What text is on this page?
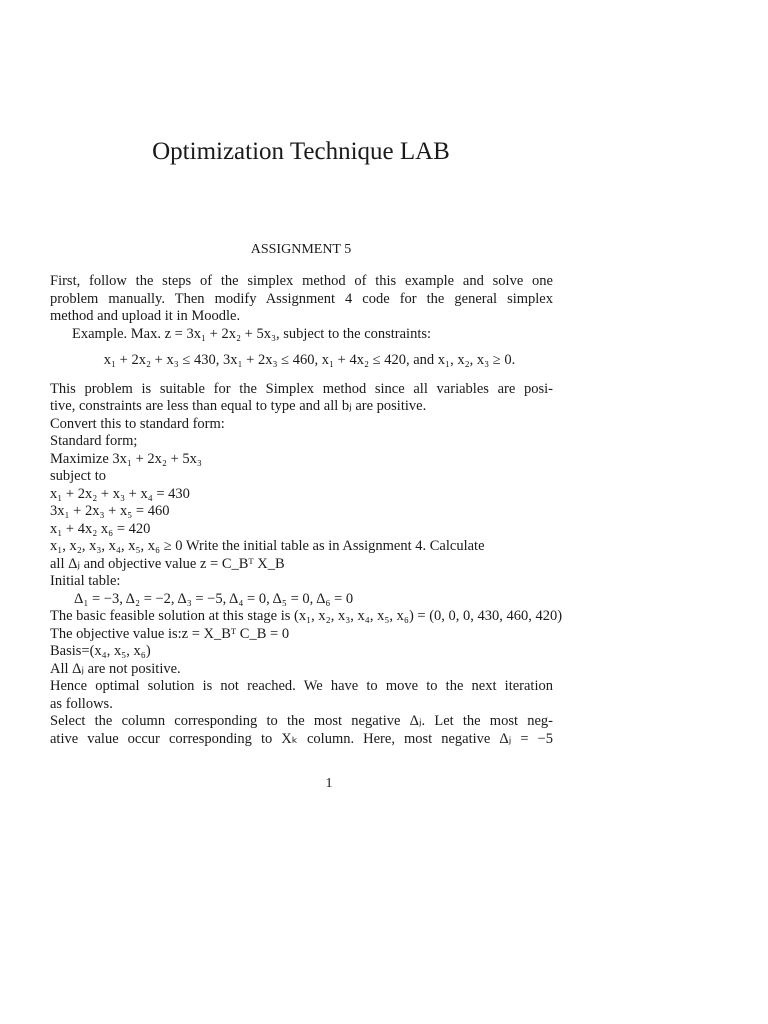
Optimization Technique LAB
ASSIGNMENT 5
First, follow the steps of the simplex method of this example and solve one
problem manually. Then modify Assignment 4 code for the general simplex
method and upload it in Moodle.
Example. Max. z = 3x₁ + 2x₂ + 5x₃, subject to the constraints:
x₁ + 2x₂ + x₃ ≤ 430, 3x₁ + 2x₃ ≤ 460, x₁ + 4x₂ ≤ 420, and x₁, x₂, x₃ ≥ 0.
This problem is suitable for the Simplex method since all variables are posi-
tive, constraints are less than equal to type and all bⱼ are positive.
Convert this to standard form:
Standard form;
Maximize 3x₁ + 2x₂ + 5x₃
subject to
x₁ + 2x₂ + x₃ + x₄ = 430
3x₁ + 2x₃ + x₅ = 460
x₁ + 4x₂ x₆ = 420
x₁, x₂, x₃, x₄, x₅, x₆ ≥ 0 Write the initial table as in Assignment 4. Calculate
all Δⱼ and objective value z = C_Bᵀ X_B
Initial table:
Δ₁ = −3, Δ₂ = −2, Δ₃ = −5, Δ₄ = 0, Δ₅ = 0, Δ₆ = 0
The basic feasible solution at this stage is (x₁, x₂, x₃, x₄, x₅, x₆) = (0, 0, 0, 430, 460, 420)
The objective value is:z = X_Bᵀ C_B = 0
Basis=(x₄, x₅, x₆)
All Δⱼ are not positive.
Hence optimal solution is not reached. We have to move to the next iteration
as follows.
Select the column corresponding to the most negative Δⱼ. Let the most neg-
ative value occur corresponding to Xₖ column. Here, most negative Δⱼ = −5
1
